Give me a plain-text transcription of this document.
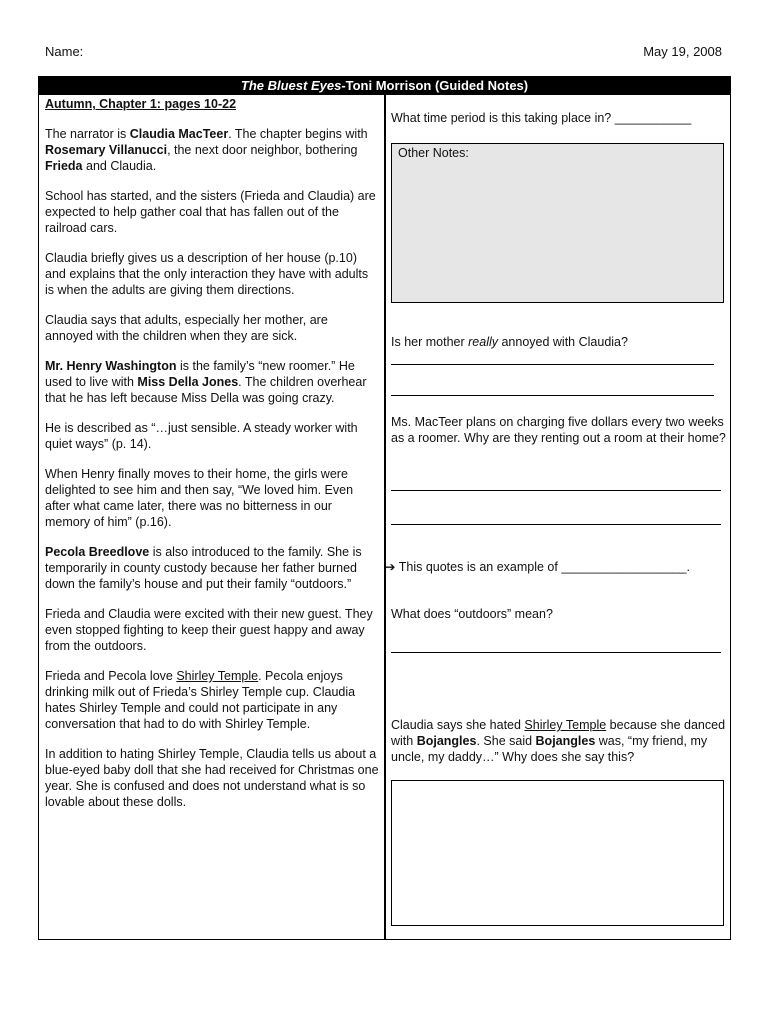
Name:	May 19, 2008
The Bluest Eyes-Toni Morrison (Guided Notes)
Autumn, Chapter 1: pages 10-22

The narrator is Claudia MacTeer. The chapter begins with Rosemary Villanucci, the next door neighbor, bothering Frieda and Claudia.

School has started, and the sisters (Frieda and Claudia) are expected to help gather coal that has fallen out of the railroad cars.

Claudia briefly gives us a description of her house (p.10) and explains that the only interaction they have with adults is when the adults are giving them directions.

Claudia says that adults, especially her mother, are annoyed with the children when they are sick.

Mr. Henry Washington is the family’s “new roomer.” He used to live with Miss Della Jones. The children overhear that he has left because Miss Della was going crazy.

He is described as “…just sensible. A steady worker with quiet ways” (p. 14).

When Henry finally moves to their home, the girls were delighted to see him and then say, “We loved him. Even after what came later, there was no bitterness in our memory of him” (p.16).

Pecola Breedlove is also introduced to the family. She is temporarily in county custody because her father burned down the family’s house and put their family “outdoors.”

Frieda and Claudia were excited with their new guest. They even stopped fighting to keep their guest happy and away from the outdoors.

Frieda and Pecola love Shirley Temple. Pecola enjoys drinking milk out of Frieda’s Shirley Temple cup. Claudia hates Shirley Temple and could not participate in any conversation that had to do with Shirley Temple.

In addition to hating Shirley Temple, Claudia tells us about a blue-eyed baby doll that she had received for Christmas one year. She is confused and does not understand what is so lovable about these dolls.

What time period is this taking place in? ___________
Other Notes:
Is her mother really annoyed with Claudia?
Ms. MacTeer plans on charging five dollars every two weeks as a roomer. Why are they renting out a room at their home?
➔ This quotes is an example of __________________.
What does “outdoors” mean?
Claudia says she hated Shirley Temple because she danced with Bojangles. She said Bojangles was, “my friend, my uncle, my daddy…” Why does she say this?
